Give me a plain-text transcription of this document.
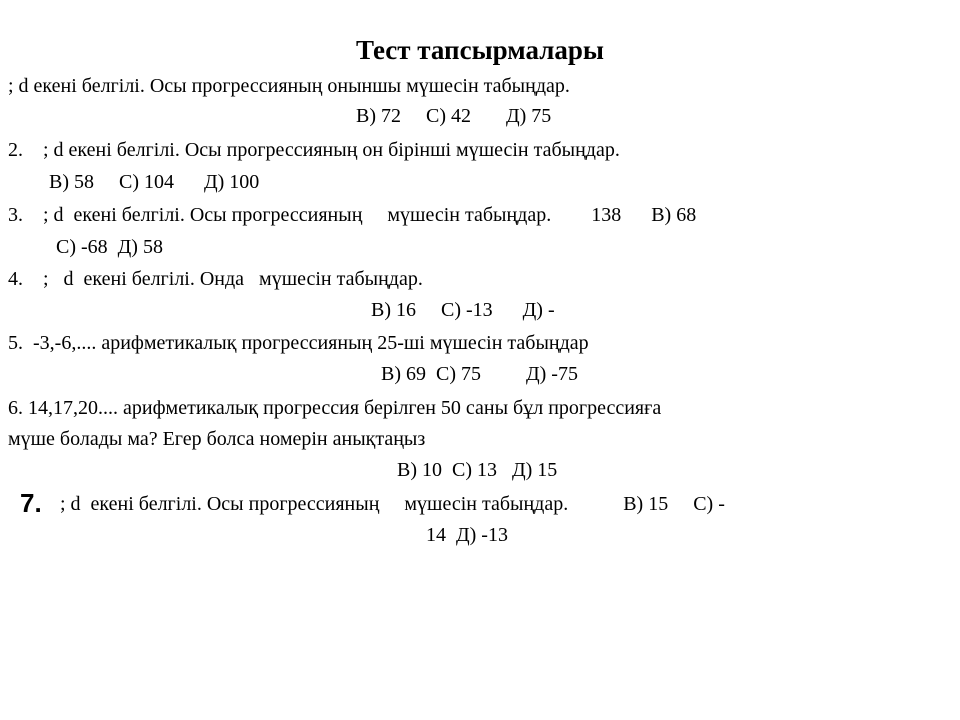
Тест тапсырмалары
; d екені белгілі. Осы прогрессияның оныншы мүшесін табыңдар.
В) 72     С) 42       Д) 75
2.    ; d екені белгілі. Осы прогрессияның он бірінші мүшесін табыңдар.
В) 58     С) 104      Д) 100
3.    ; d  екені белгілі. Осы прогрессияның     мүшесін табыңдар.        138      В) 68
С) -68  Д) 58
4.    ;   d  екені белгілі. Онда   мүшесін табыңдар.
В) 16     С) -13      Д) -
5.  -3,-6,.... арифметикалық прогрессияның 25-ші мүшесін табыңдар
В) 69  С) 75         Д) -75
6. 14,17,20.... арифметикалық прогрессия берілген 50 саны бұл прогрессияға
мүше болады ма? Егер болса номерін анықтаңыз
В) 10  С) 13   Д) 15
7. ; d  екені белгілі. Осы прогрессияның     мүшесін табыңдар.           В) 15     С) -
14  Д) -13
